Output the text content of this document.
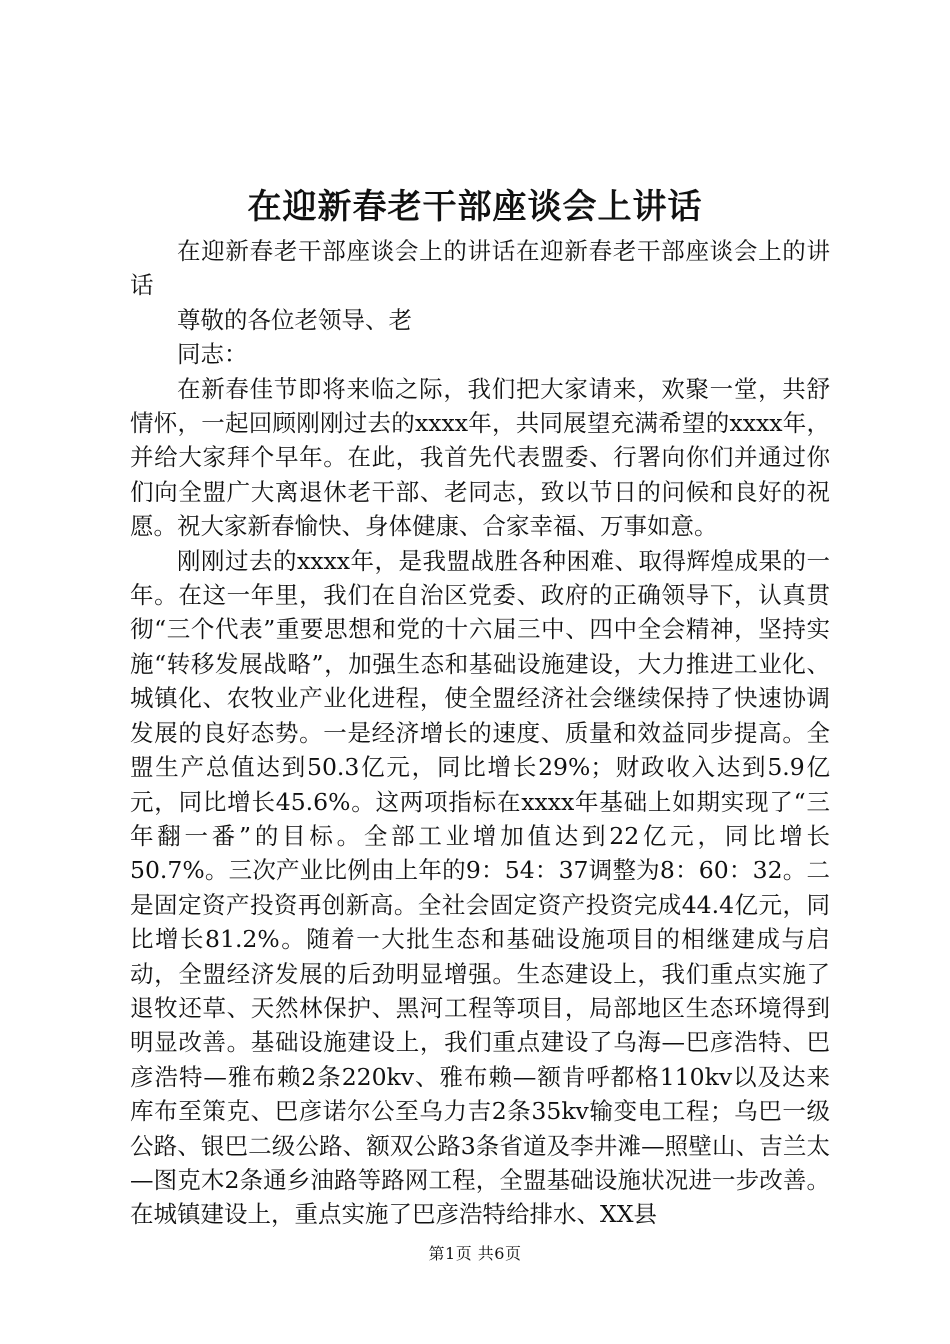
在迎新春老干部座谈会上讲话

在迎新春老干部座谈会上的讲话在迎新春老干部座谈会上的讲话

尊敬的各位老领导、老

同志：

在新春佳节即将来临之际，我们把大家请来，欢聚一堂，共舒情怀，一起回顾刚刚过去的xxxx年，共同展望充满希望的xxxx年，并给大家拜个早年。在此，我首先代表盟委、行署向你们并通过你们向全盟广大离退休老干部、老同志，致以节日的问候和良好的祝愿。祝大家新春愉快、身体健康、合家幸福、万事如意。

刚刚过去的xxxx年，是我盟战胜各种困难、取得辉煌成果的一年。在这一年里，我们在自治区党委、政府的正确领导下，认真贯彻“三个代表”重要思想和党的十六届三中、四中全会精神，坚持实施“转移发展战略”，加强生态和基础设施建设，大力推进工业化、城镇化、农牧业产业化进程，使全盟经济社会继续保持了快速协调发展的良好态势。一是经济增长的速度、质量和效益同步提高。全盟生产总值达到50.3亿元，同比增长29%；财政收入达到5.9亿元，同比增长45.6%。这两项指标在xxxx年基础上如期实现了“三年翻一番”的目标。全部工业增加值达到22亿元，同比增长50.7%。三次产业比例由上年的9：54：37调整为8：60：32。二是固定资产投资再创新高。全社会固定资产投资完成44.4亿元，同比增长81.2%。随着一大批生态和基础设施项目的相继建成与启动，全盟经济发展的后劲明显增强。生态建设上，我们重点实施了退牧还草、天然林保护、黑河工程等项目，局部地区生态环境得到明显改善。基础设施建设上，我们重点建设了乌海—巴彦浩特、巴彦浩特—雅布赖2条220kv、雅布赖—额肯呼都格110kv以及达来库布至策克、巴彦诺尔公至乌力吉2条35kv输变电工程；乌巴一级公路、银巴二级公路、额双公路3条省道及李井滩—照壁山、吉兰太—图克木2条通乡油路等路网工程，全盟基础设施状况进一步改善。在城镇建设上，重点实施了巴彦浩特给排水、XX县

第1页 共6页
